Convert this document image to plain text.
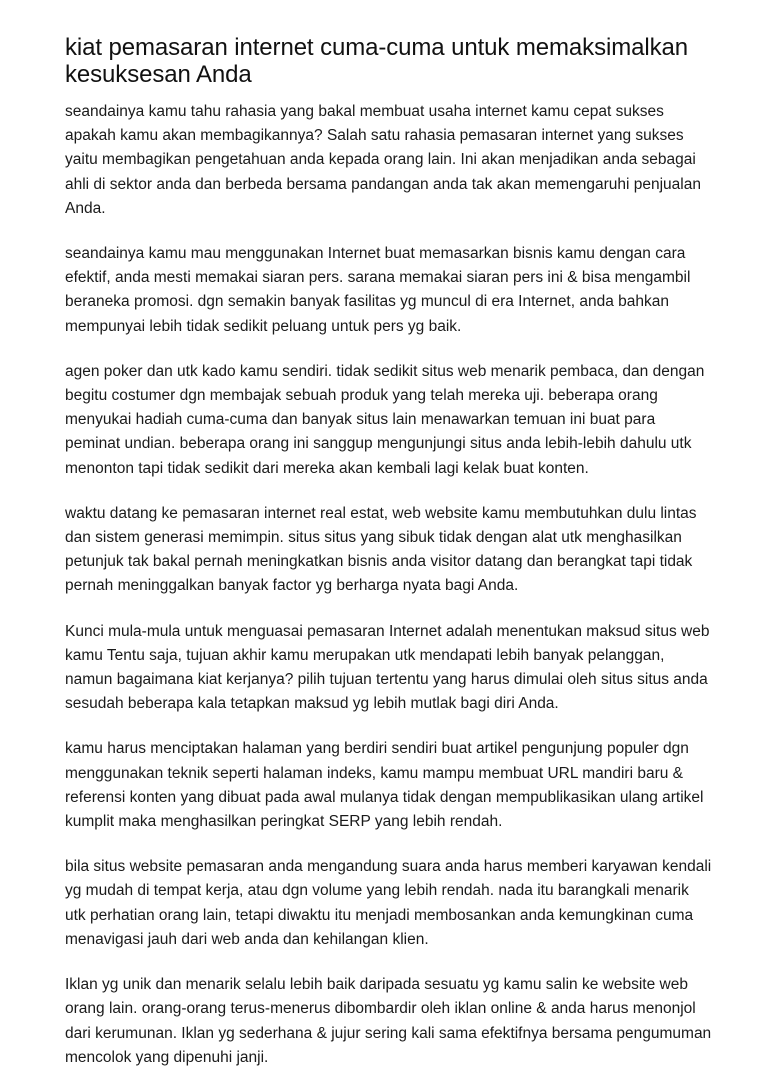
kiat pemasaran internet cuma-cuma untuk memaksimalkan kesuksesan Anda

seandainya kamu tahu rahasia yang bakal membuat usaha internet kamu cepat sukses apakah kamu akan membagikannya? Salah satu rahasia pemasaran internet yang sukses yaitu membagikan pengetahuan anda kepada orang lain. Ini akan menjadikan anda sebagai ahli di sektor anda dan berbeda bersama pandangan anda tak akan memengaruhi penjualan Anda.

seandainya kamu mau menggunakan Internet buat memasarkan bisnis kamu dengan cara efektif, anda mesti memakai siaran pers. sarana memakai siaran pers ini & bisa mengambil beraneka promosi. dgn semakin banyak fasilitas yg muncul di era Internet, anda bahkan mempunyai lebih tidak sedikit peluang untuk pers yg baik.

agen poker dan utk kado kamu sendiri. tidak sedikit situs web menarik pembaca, dan dengan begitu costumer dgn membajak sebuah produk yang telah mereka uji. beberapa orang menyukai hadiah cuma-cuma dan banyak situs lain menawarkan temuan ini buat para peminat undian. beberapa orang ini sanggup mengunjungi situs anda lebih-lebih dahulu utk menonton tapi tidak sedikit dari mereka akan kembali lagi kelak buat konten.

waktu datang ke pemasaran internet real estat, web website kamu membutuhkan dulu lintas dan sistem generasi memimpin. situs situs yang sibuk tidak dengan alat utk menghasilkan petunjuk tak bakal pernah meningkatkan bisnis anda visitor datang dan berangkat tapi tidak pernah meninggalkan banyak factor yg berharga nyata bagi Anda.

Kunci mula-mula untuk menguasai pemasaran Internet adalah menentukan maksud situs web kamu Tentu saja, tujuan akhir kamu merupakan utk mendapati lebih banyak pelanggan, namun bagaimana kiat kerjanya? pilih tujuan tertentu yang harus dimulai oleh situs situs anda sesudah beberapa kala tetapkan maksud yg lebih mutlak bagi diri Anda.

kamu harus menciptakan halaman yang berdiri sendiri buat artikel pengunjung populer dgn menggunakan teknik seperti halaman indeks, kamu mampu membuat URL mandiri baru & referensi konten yang dibuat pada awal mulanya tidak dengan mempublikasikan ulang artikel kumplit maka menghasilkan peringkat SERP yang lebih rendah.

bila situs website pemasaran anda mengandung suara anda harus memberi karyawan kendali yg mudah di tempat kerja, atau dgn volume yang lebih rendah. nada itu barangkali menarik utk perhatian orang lain, tetapi diwaktu itu menjadi membosankan anda kemungkinan cuma menavigasi jauh dari web anda dan kehilangan klien.

Iklan yg unik dan menarik selalu lebih baik daripada sesuatu yg kamu salin ke website web orang lain. orang-orang terus-menerus dibombardir oleh iklan online & anda harus menonjol dari kerumunan. Iklan yg sederhana & jujur sering kali sama efektifnya bersama pengumuman mencolok yang dipenuhi janji.
